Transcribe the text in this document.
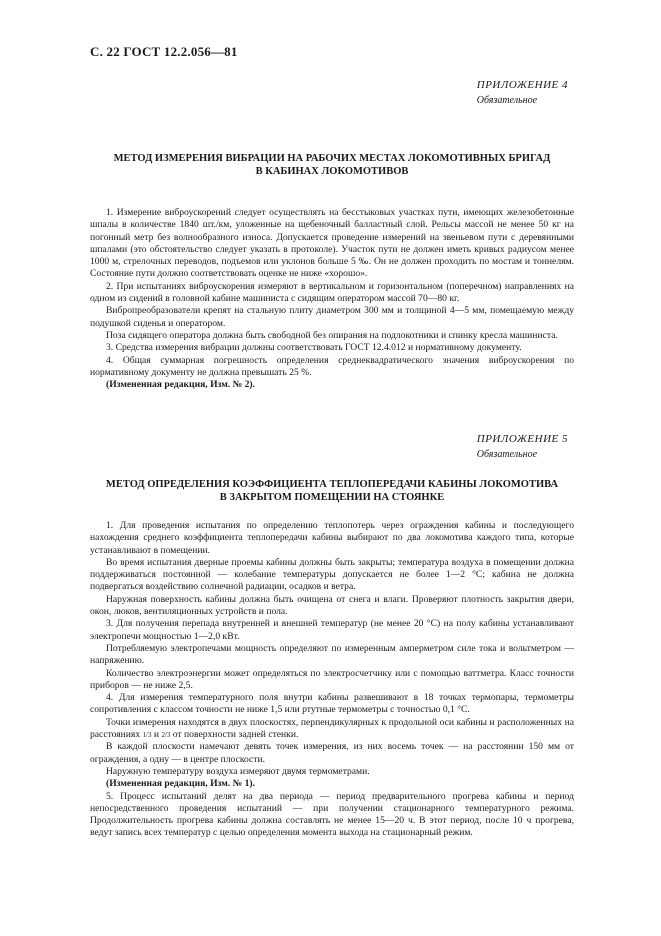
С. 22 ГОСТ 12.2.056—81
ПРИЛОЖЕНИЕ 4
Обязательное
МЕТОД ИЗМЕРЕНИЯ ВИБРАЦИИ НА РАБОЧИХ МЕСТАХ ЛОКОМОТИВНЫХ БРИГАД
В КАБИНАХ ЛОКОМОТИВОВ

1. Измерение виброускорений следует осуществлять на бесстыковых участках пути, имеющих железобетонные шпалы в количестве 1840 шт./км, уложенные на щебеночный балластный слой. Рельсы массой не менее 50 кг на погонный метр без волнообразного износа. Допускается проведение измерений на звеньевом пути с деревянными шпалами (это обстоятельство следует указать в протоколе). Участок пути не должен иметь кривых радиусом менее 1000 м, стрелочных переводов, подъемов или уклонов больше 5 ‰. Он не должен проходить по мостам и тоннелям. Состояние пути должно соответствовать оценке не ниже «хорошо».

2. При испытаниях виброускорения измеряют в вертикальном и горизонтальном (поперечном) направлениях на одном из сидений в головной кабине машиниста с сидящим оператором массой 70—80 кг.

Вибропреобразователи крепят на стальную плиту диаметром 300 мм и толщиной 4—5 мм, помещаемую между подушкой сиденья и оператором.

Поза сидящего оператора должна быть свободной без опирания на подлокотники и спинку кресла машиниста.

3. Средства измерения вибрации должны соответствовать ГОСТ 12.4.012 и нормативному документу.

4. Общая суммарная погрешность определения среднеквадратического значения виброускорения по нормативному документу не должна превышать 25 %.

(Измененная редакция, Изм. № 2).

ПРИЛОЖЕНИЕ 5
Обязательное
МЕТОД ОПРЕДЕЛЕНИЯ КОЭФФИЦИЕНТА ТЕПЛОПЕРЕДАЧИ КАБИНЫ ЛОКОМОТИВА
В ЗАКРЫТОМ ПОМЕЩЕНИИ НА СТОЯНКЕ

1. Для проведения испытания по определению теплопотерь через ограждения кабины и последующего нахождения среднего коэффициента теплопередачи кабины выбирают по два локомотива каждого типа, которые устанавливают в помещении.

Во время испытания дверные проемы кабины должны быть закрыты; температура воздуха в помещении должна поддерживаться постоянной — колебание температуры допускается не более 1—2 °С; кабина не должна подвергаться воздействию солнечной радиации, осадков и ветра.

Наружная поверхность кабины должна быть очищена от снега и влаги. Проверяют плотность закрытия двери, окон, люков, вентиляционных устройств и пола.

3. Для получения перепада внутренней и внешней температур (не менее 20 °С) на полу кабины устанавливают электропечи мощностью 1—2,0 кВт.

Потребляемую электропечами мощность определяют по измеренным амперметром силе тока и вольтметром — напряжению.

Количество электроэнергии может определяться по электросчетчику или с помощью ваттметра. Класс точности приборов — не ниже 2,5.

4. Для измерения температурного поля внутри кабины развешивают в 18 точках термопары, термометры сопротивления с классом точности не ниже 1,5 или ртутные термометры с точностью 0,1 °С.

Точки измерения находятся в двух плоскостях, перпендикулярных к продольной оси кабины и расположенных на расстояниях 1/3 и 2/3 от поверхности задней стенки.

В каждой плоскости намечают девять точек измерения, из них восемь точек — на расстоянии 150 мм от ограждения, а одну — в центре плоскости.

Наружную температуру воздуха измеряют двумя термометрами.

(Измененная редакция, Изм. № 1).

5. Процесс испытаний делят на два периода — период предварительного прогрева кабины и период непосредственного проведения испытаний — при получении стационарного температурного режима. Продолжительность прогрева кабины должна составлять не менее 15—20 ч. В этот период, после 10 ч прогрева, ведут запись всех температур с целью определения момента выхода на стационарный режим.
